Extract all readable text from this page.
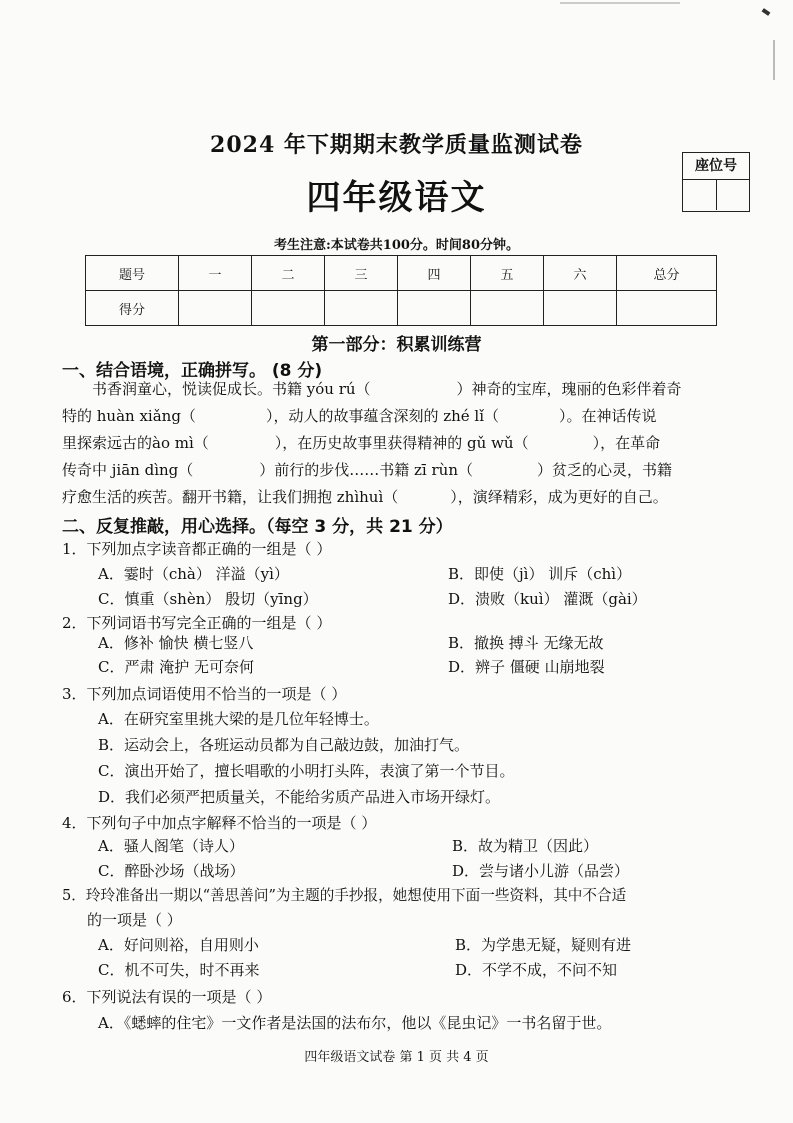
2024 年下期期末教学质量监测试卷
四年级语文
座位号
考生注意:本试卷共100分。时间80分钟。
题号	一	二	三	四	五	六	总分
得分							
第一部分：积累训练营
一、结合语境，正确拼写。 (8 分)
书香润童心，悦读促成长。书籍 yóu rú（	）神奇的宝库，瑰丽的色彩伴着奇
特的 huàn xiǎng（	），动人的故事蕴含深刻的 zhé lǐ（	）。在神话传说
里探索远古的ào mì（	），在历史故事里获得精神的 gǔ wǔ（	），在革命
传奇中 jiān dìng（	）前行的步伐……书籍 zī rùn（	）贫乏的心灵，书籍
疗愈生活的疾苦。翻开书籍，让我们拥抱 zhìhuì（	），演绎精彩，成为更好的自己。
二、反复推敲，用心选择。（每空 3 分，共 21 分）
1．下列加点字读音都正确的一组是（ ）
A．霎时（chà） 洋溢（yì）	B．即使（jì） 训斥（chì）
C．慎重（shèn） 殷切（yīng）	D．溃败（kuì） 灌溉（gài）
2．下列词语书写完全正确的一组是（ ）
A．修补 愉快 横七竖八	B．撤换 搏斗 无缘无故
C．严肃 淹护 无可奈何	D．辨子 僵硬 山崩地裂
3．下列加点词语使用不恰当的一项是（ ）
A．在研究室里挑大梁的是几位年轻博士。
B．运动会上，各班运动员都为自己敲边鼓，加油打气。
C．演出开始了，擅长唱歌的小明打头阵，表演了第一个节目。
D．我们必须严把质量关，不能给劣质产品进入市场开绿灯。
4．下列句子中加点字解释不恰当的一项是（ ）
A．骚人阁笔（诗人）	B．故为精卫（因此）
C．醉卧沙场（战场）	D．尝与诸小儿游（品尝）
5．玲玲准备出一期以“善思善问”为主题的手抄报，她想使用下面一些资料，其中不合适
的一项是（ ）
A．好问则裕，自用则小	B．为学患无疑，疑则有进
C．机不可失，时不再来	D．不学不成，不问不知
6．下列说法有误的一项是（ ）
A．《蟋蟀的住宅》一文作者是法国的法布尔，他以《昆虫记》一书名留于世。
四年级语文试卷 第 1 页 共 4 页
